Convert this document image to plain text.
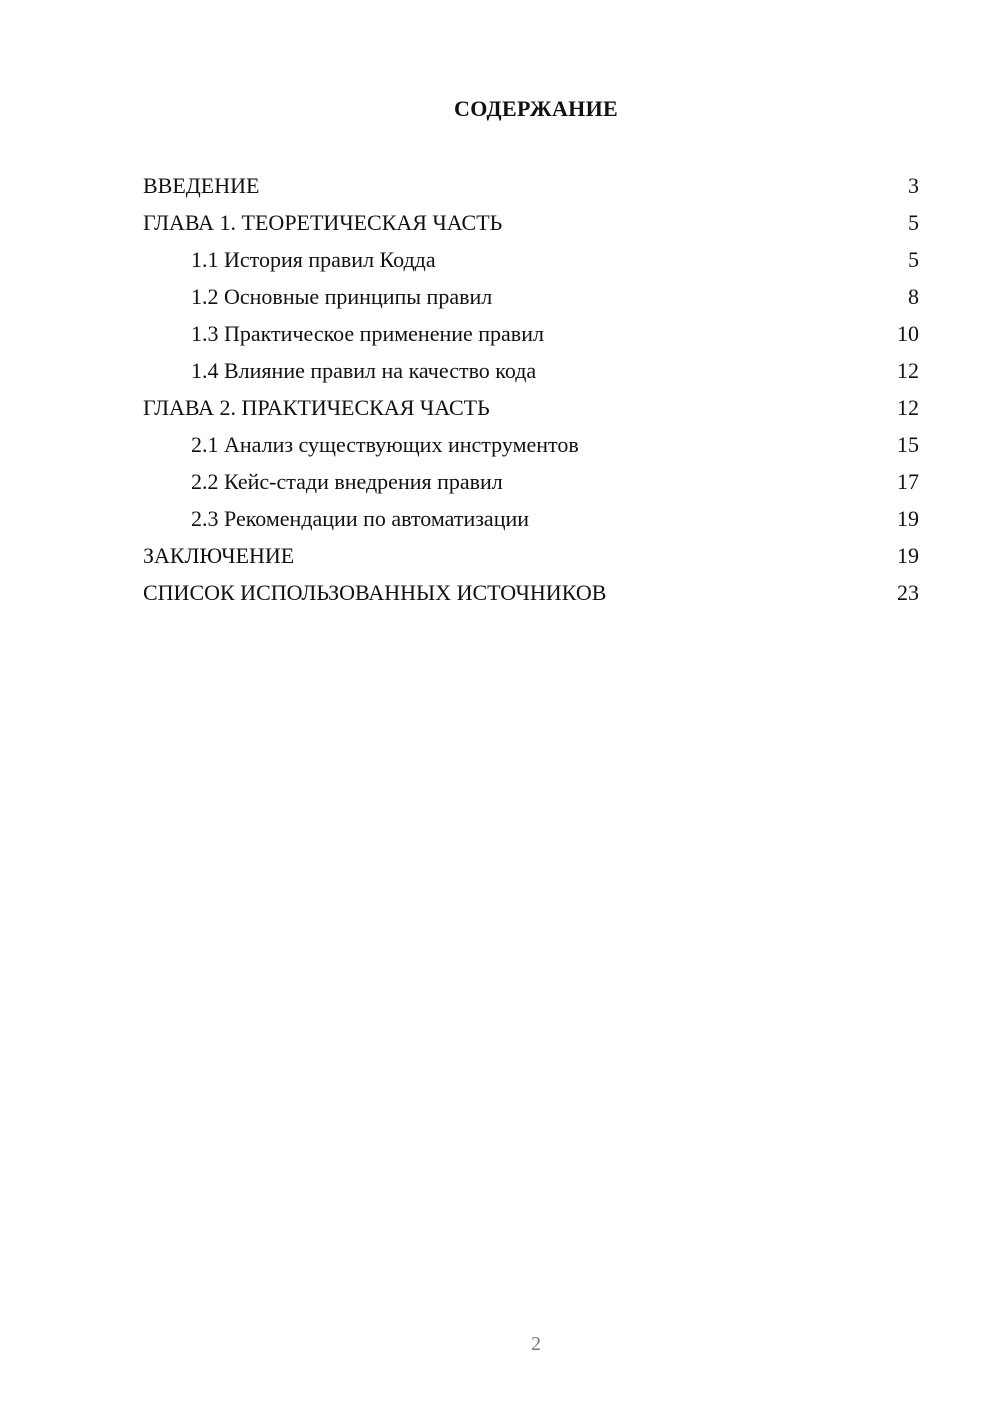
СОДЕРЖАНИЕ
ВВЕДЕНИЕ	3
ГЛАВА 1. ТЕОРЕТИЧЕСКАЯ ЧАСТЬ	5
1.1 История правил Кодда	5
1.2 Основные принципы правил	8
1.3 Практическое применение правил	10
1.4 Влияние правил на качество кода	12
ГЛАВА 2. ПРАКТИЧЕСКАЯ ЧАСТЬ	12
2.1 Анализ существующих инструментов	15
2.2 Кейс-стади внедрения правил	17
2.3 Рекомендации по автоматизации	19
ЗАКЛЮЧЕНИЕ	19
СПИСОК ИСПОЛЬЗОВАННЫХ ИСТОЧНИКОВ	23
2
